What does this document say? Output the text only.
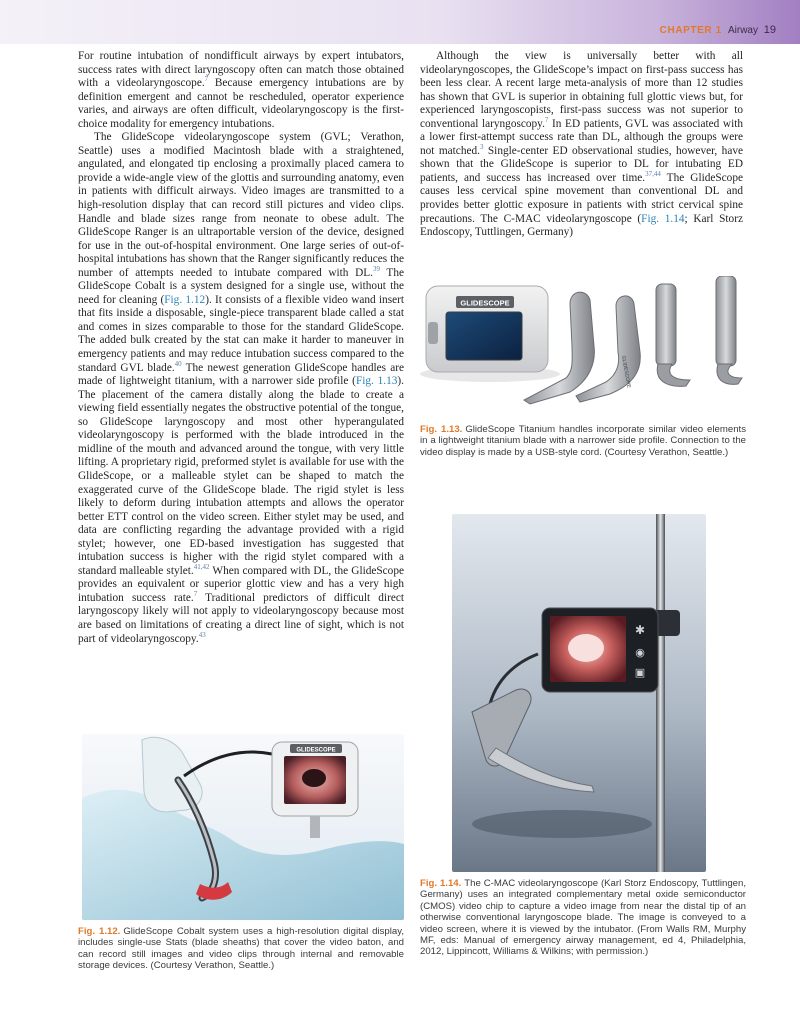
CHAPTER 1 Airway 19

For routine intubation of nondifficult airways by expert intubators, success rates with direct laryngoscopy often can match those obtained with a videolaryngoscope.$^7$ Because emergency intubations are by definition emergent and cannot be rescheduled, operator experience varies, and airways are often difficult, videolaryngoscopy is the first-choice modality for emergency intubations.

The GlideScope videolaryngoscope system (GVL; Verathon, Seattle) uses a modified Macintosh blade with a straightened, angulated, and elongated tip enclosing a proximally placed camera to provide a wide-angle view of the glottis and surrounding anatomy, even in patients with difficult airways. Video images are transmitted to a high-resolution display that can record still pictures and video clips. Handle and blade sizes range from neonate to obese adult. The GlideScope Ranger is an ultraportable version of the device, designed for use in the out-of-hospital environment. One large series of out-of-hospital intubations has shown that the Ranger significantly reduces the number of attempts needed to intubate compared with DL.$^{39}$ The GlideScope Cobalt is a system designed for a single use, without the need for cleaning (Fig. 1.12). It consists of a flexible video wand insert that fits inside a disposable, single-piece transparent blade called a stat and comes in sizes comparable to those for the standard GlideScope. The added bulk created by the stat can make it harder to maneuver in emergency patients and may reduce intubation success compared to the standard GVL blade.$^{40}$ The newest generation GlideScope handles are made of lightweight titanium, with a narrower side profile (Fig. 1.13). The placement of the camera distally along the blade to create a viewing field essentially negates the obstructive potential of the tongue, so GlideScope laryngoscopy and most other hyperangulated videolaryngoscopy is performed with the blade introduced in the midline of the mouth and advanced around the tongue, with very little lifting. A proprietary rigid, preformed stylet is available for use with the GlideScope, or a malleable stylet can be shaped to match the exaggerated curve of the GlideScope blade. The rigid stylet is less likely to deform during intubation attempts and allows the operator better ETT control on the video screen. Either stylet may be used, and data are conflicting regarding the advantage provided with a rigid stylet; however, one ED-based investigation has suggested that intubation success is higher with the rigid stylet compared with a standard malleable stylet.$^{41,42}$ When compared with DL, the GlideScope provides an equivalent or superior glottic view and has a very high intubation success rate.$^7$ Traditional predictors of difficult direct laryngoscopy likely will not apply to videolaryngoscopy because most are based on limitations of creating a direct line of sight, which is not part of videolaryngoscopy.$^{43}$

Although the view is universally better with all videolaryngoscopes, the GlideScope’s impact on first-pass success has been less clear. A recent large meta-analysis of more than 12 studies has shown that GVL is superior in obtaining full glottic views but, for experienced laryngoscopists, first-pass success was not superior to conventional laryngoscopy.$^7$ In ED patients, GVL was associated with a lower first-attempt success rate than DL, although the groups were not matched.$^3$ Single-center ED observational studies, however, have shown that the GlideScope is superior to DL for intubating ED patients, and success has increased over time.$^{37,44}$ The GlideScope causes less cervical spine movement than conventional DL and provides better glottic exposure in patients with strict cervical spine precautions. The C-MAC videolaryngoscope (Fig. 1.14; Karl Storz Endoscopy, Tuttlingen, Germany)

GLIDESCOPE
GLIDESCOPE
Fig. 1.13. GlideScope Titanium handles incorporate similar video elements in a lightweight titanium blade with a narrower side profile. Connection to the video display is made by a USB-style cord. (Courtesy Verathon, Seattle.)
✱
◉
▣
Fig. 1.14. The C-MAC videolaryngoscope (Karl Storz Endoscopy, Tuttlingen, Germany) uses an integrated complementary metal oxide semiconductor (CMOS) video chip to capture a video image from near the distal tip of an otherwise conventional laryngoscope blade. The image is conveyed to a video screen, where it is viewed by the intubator. (From Walls RM, Murphy MF, eds: Manual of emergency airway management, ed 4, Philadelphia, 2012, Lippincott, Williams & Wilkins; with permission.)
GLIDESCOPE
Fig. 1.12. GlideScope Cobalt system uses a high-resolution digital display, includes single-use Stats (blade sheaths) that cover the video baton, and can record still images and video clips through internal and removable storage devices. (Courtesy Verathon, Seattle.)
